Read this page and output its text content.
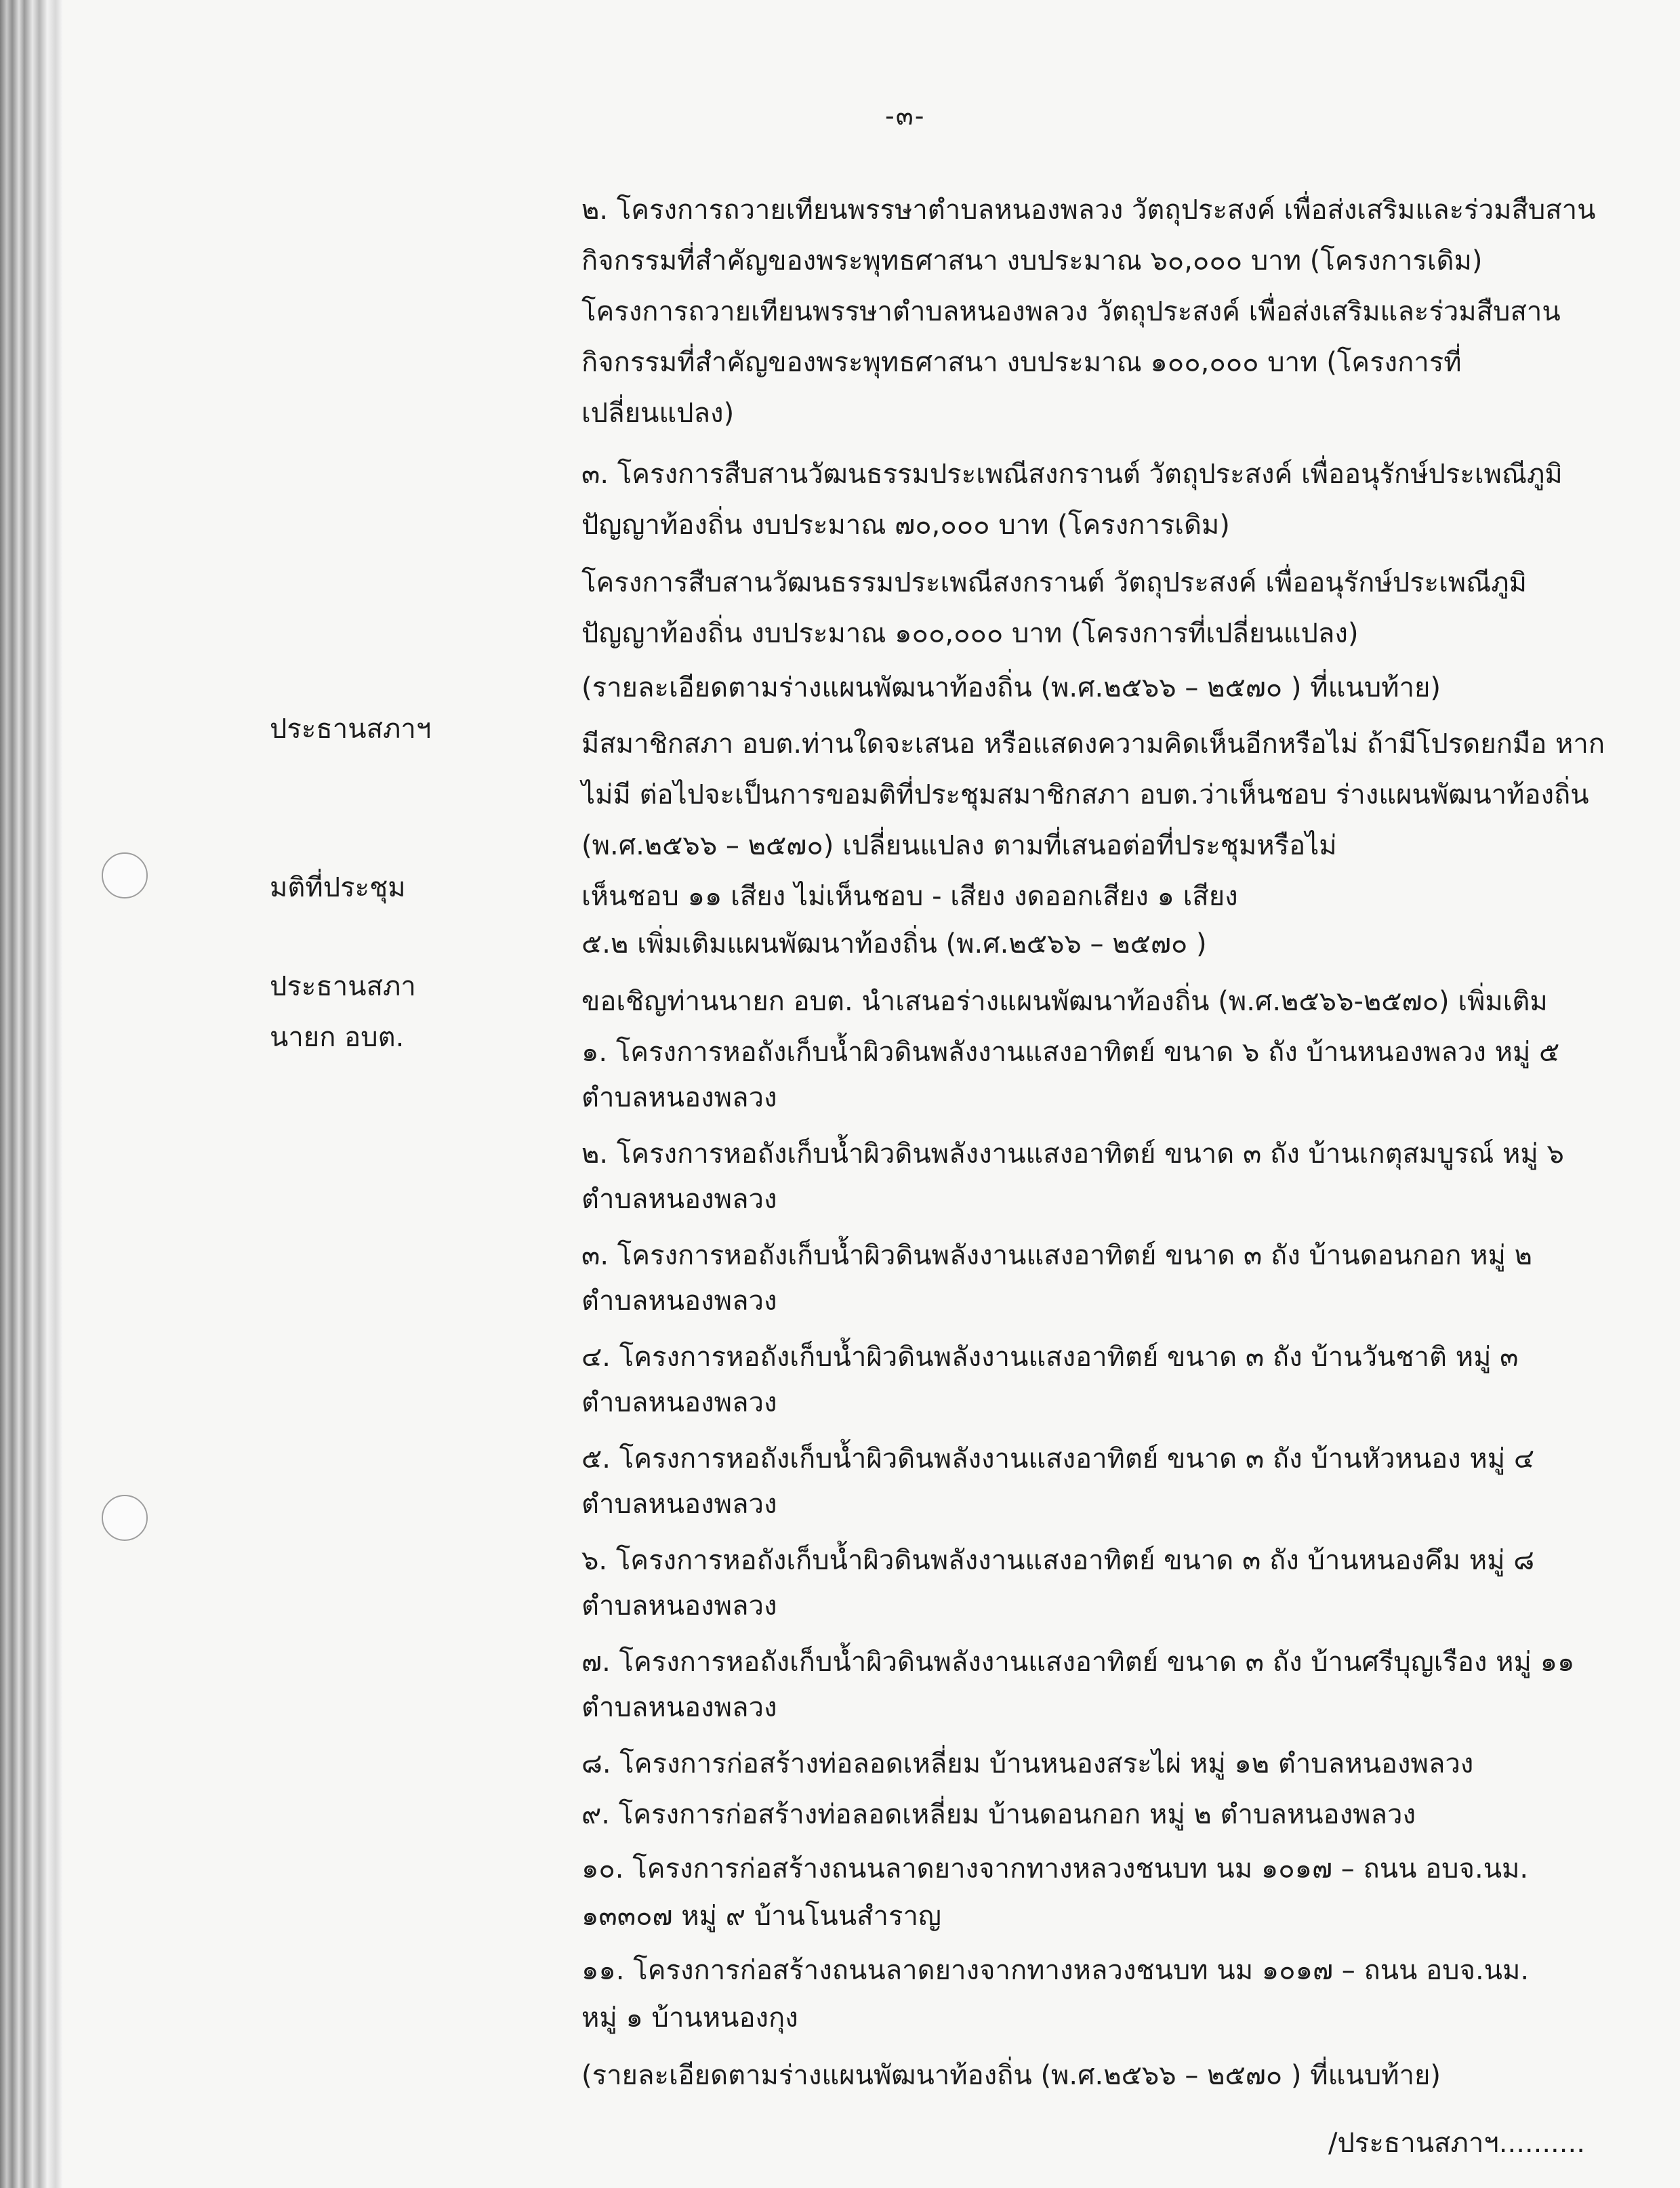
-๓-
ประธานสภาฯ
มติที่ประชุม
ประธานสภา
นายก อบต.
๒. โครงการถวายเทียนพรรษาตำบลหนองพลวง วัตถุประสงค์ เพื่อส่งเสริมและร่วมสืบสาน
กิจกรรมที่สำคัญของพระพุทธศาสนา งบประมาณ ๖๐,๐๐๐ บาท (โครงการเดิม)
โครงการถวายเทียนพรรษาตำบลหนองพลวง วัตถุประสงค์ เพื่อส่งเสริมและร่วมสืบสาน
กิจกรรมที่สำคัญของพระพุทธศาสนา งบประมาณ ๑๐๐,๐๐๐ บาท (โครงการที่
เปลี่ยนแปลง)
๓. โครงการสืบสานวัฒนธรรมประเพณีสงกรานต์ วัตถุประสงค์ เพื่ออนุรักษ์ประเพณีภูมิ
ปัญญาท้องถิ่น งบประมาณ ๗๐,๐๐๐ บาท (โครงการเดิม)
โครงการสืบสานวัฒนธรรมประเพณีสงกรานต์ วัตถุประสงค์ เพื่ออนุรักษ์ประเพณีภูมิ
ปัญญาท้องถิ่น งบประมาณ ๑๐๐,๐๐๐ บาท (โครงการที่เปลี่ยนแปลง)
(รายละเอียดตามร่างแผนพัฒนาท้องถิ่น (พ.ศ.๒๕๖๖ – ๒๕๗๐ ) ที่แนบท้าย)
มีสมาชิกสภา อบต.ท่านใดจะเสนอ หรือแสดงความคิดเห็นอีกหรือไม่ ถ้ามีโปรดยกมือ หาก
ไม่มี ต่อไปจะเป็นการขอมติที่ประชุมสมาชิกสภา อบต.ว่าเห็นชอบ ร่างแผนพัฒนาท้องถิ่น
(พ.ศ.๒๕๖๖ – ๒๕๗๐) เปลี่ยนแปลง ตามที่เสนอต่อที่ประชุมหรือไม่
เห็นชอบ ๑๑ เสียง ไม่เห็นชอบ - เสียง งดออกเสียง ๑ เสียง
๕.๒ เพิ่มเติมแผนพัฒนาท้องถิ่น (พ.ศ.๒๕๖๖ – ๒๕๗๐ )
ขอเชิญท่านนายก อบต. นำเสนอร่างแผนพัฒนาท้องถิ่น (พ.ศ.๒๕๖๖-๒๕๗๐) เพิ่มเติม
๑. โครงการหอถังเก็บน้ำผิวดินพลังงานแสงอาทิตย์ ขนาด ๖ ถัง บ้านหนองพลวง หมู่ ๕
ตำบลหนองพลวง
๒. โครงการหอถังเก็บน้ำผิวดินพลังงานแสงอาทิตย์ ขนาด ๓ ถัง บ้านเกตุสมบูรณ์ หมู่ ๖
ตำบลหนองพลวง
๓. โครงการหอถังเก็บน้ำผิวดินพลังงานแสงอาทิตย์ ขนาด ๓ ถัง บ้านดอนกอก หมู่ ๒
ตำบลหนองพลวง
๔. โครงการหอถังเก็บน้ำผิวดินพลังงานแสงอาทิตย์ ขนาด ๓ ถัง บ้านวันชาติ หมู่ ๓
ตำบลหนองพลวง
๕. โครงการหอถังเก็บน้ำผิวดินพลังงานแสงอาทิตย์ ขนาด ๓ ถัง บ้านหัวหนอง หมู่ ๔
ตำบลหนองพลวง
๖. โครงการหอถังเก็บน้ำผิวดินพลังงานแสงอาทิตย์ ขนาด ๓ ถัง บ้านหนองคึม หมู่ ๘
ตำบลหนองพลวง
๗. โครงการหอถังเก็บน้ำผิวดินพลังงานแสงอาทิตย์ ขนาด ๓ ถัง บ้านศรีบุญเรือง หมู่ ๑๑
ตำบลหนองพลวง
๘. โครงการก่อสร้างท่อลอดเหลี่ยม บ้านหนองสระไผ่ หมู่ ๑๒ ตำบลหนองพลวง
๙. โครงการก่อสร้างท่อลอดเหลี่ยม บ้านดอนกอก หมู่ ๒ ตำบลหนองพลวง
๑๐. โครงการก่อสร้างถนนลาดยางจากทางหลวงชนบท นม ๑๐๑๗ – ถนน อบจ.นม.
๑๓๓๐๗ หมู่ ๙ บ้านโนนสำราญ
๑๑. โครงการก่อสร้างถนนลาดยางจากทางหลวงชนบท นม ๑๐๑๗ – ถนน อบจ.นม.
หมู่ ๑ บ้านหนองกุง
(รายละเอียดตามร่างแผนพัฒนาท้องถิ่น (พ.ศ.๒๕๖๖ – ๒๕๗๐ ) ที่แนบท้าย)
/ประธานสภาฯ..........
